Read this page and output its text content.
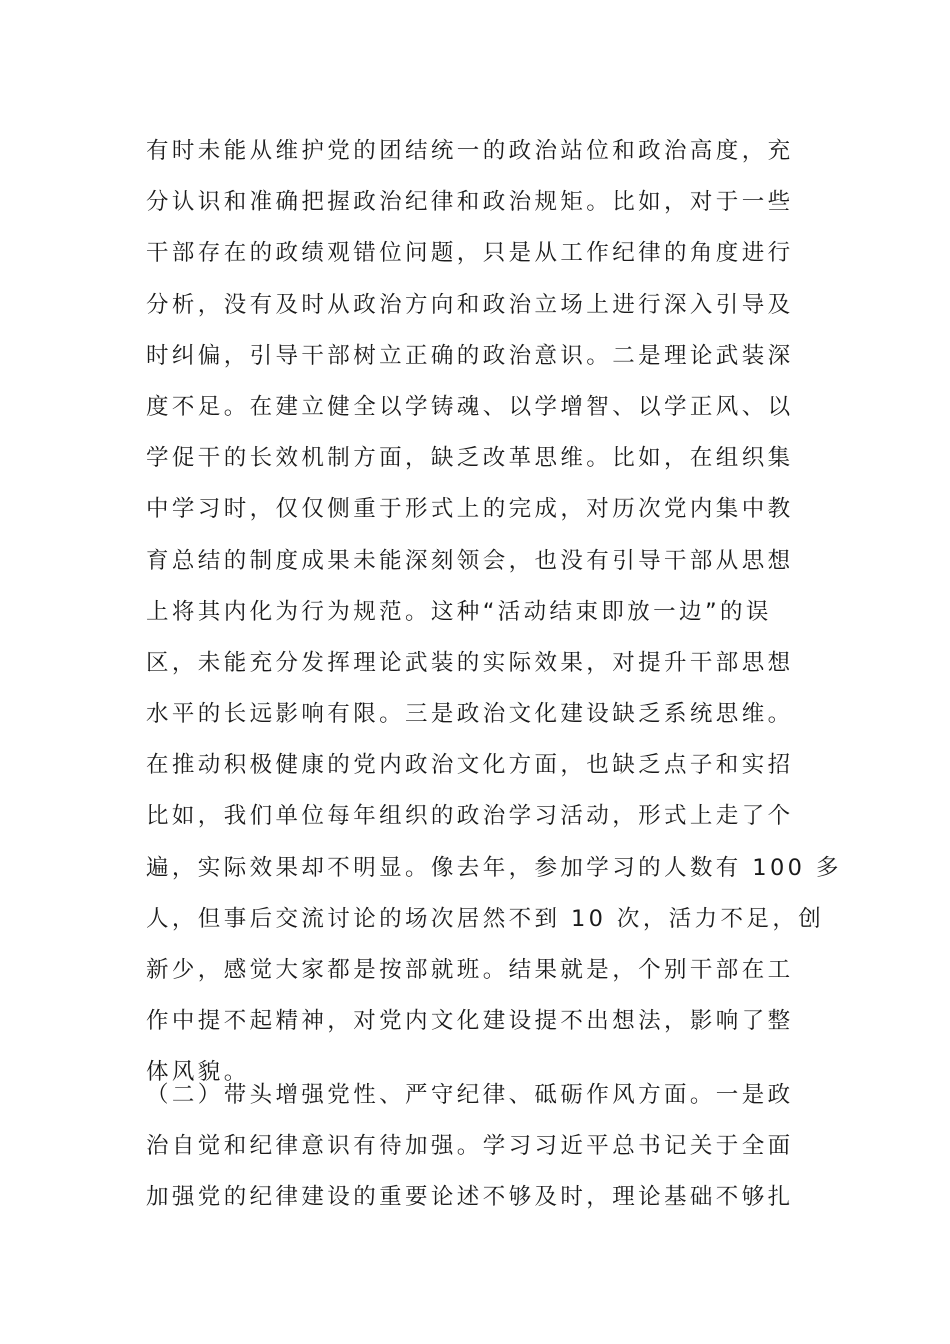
有时未能从维护党的团结统一的政治站位和政治高度，充
分认识和准确把握政治纪律和政治规矩。比如，对于一些
干部存在的政绩观错位问题，只是从工作纪律的角度进行
分析，没有及时从政治方向和政治立场上进行深入引导及
时纠偏，引导干部树立正确的政治意识。二是理论武装深
度不足。在建立健全以学铸魂、以学增智、以学正风、以
学促干的长效机制方面，缺乏改革思维。比如，在组织集
中学习时，仅仅侧重于形式上的完成，对历次党内集中教
育总结的制度成果未能深刻领会，也没有引导干部从思想
上将其内化为行为规范。这种“活动结束即放一边”的误
区，未能充分发挥理论武装的实际效果，对提升干部思想
水平的长远影响有限。三是政治文化建设缺乏系统思维。
在推动积极健康的党内政治文化方面，也缺乏点子和实招
比如，我们单位每年组织的政治学习活动，形式上走了个
遍，实际效果却不明显。像去年，参加学习的人数有 100 多
人，但事后交流讨论的场次居然不到 10 次，活力不足，创
新少，感觉大家都是按部就班。结果就是，个别干部在工
作中提不起精神，对党内文化建设提不出想法，影响了整
体风貌。
（二）带头增强党性、严守纪律、砥砺作风方面。一是政
治自觉和纪律意识有待加强。学习习近平总书记关于全面
加强党的纪律建设的重要论述不够及时，理论基础不够扎
